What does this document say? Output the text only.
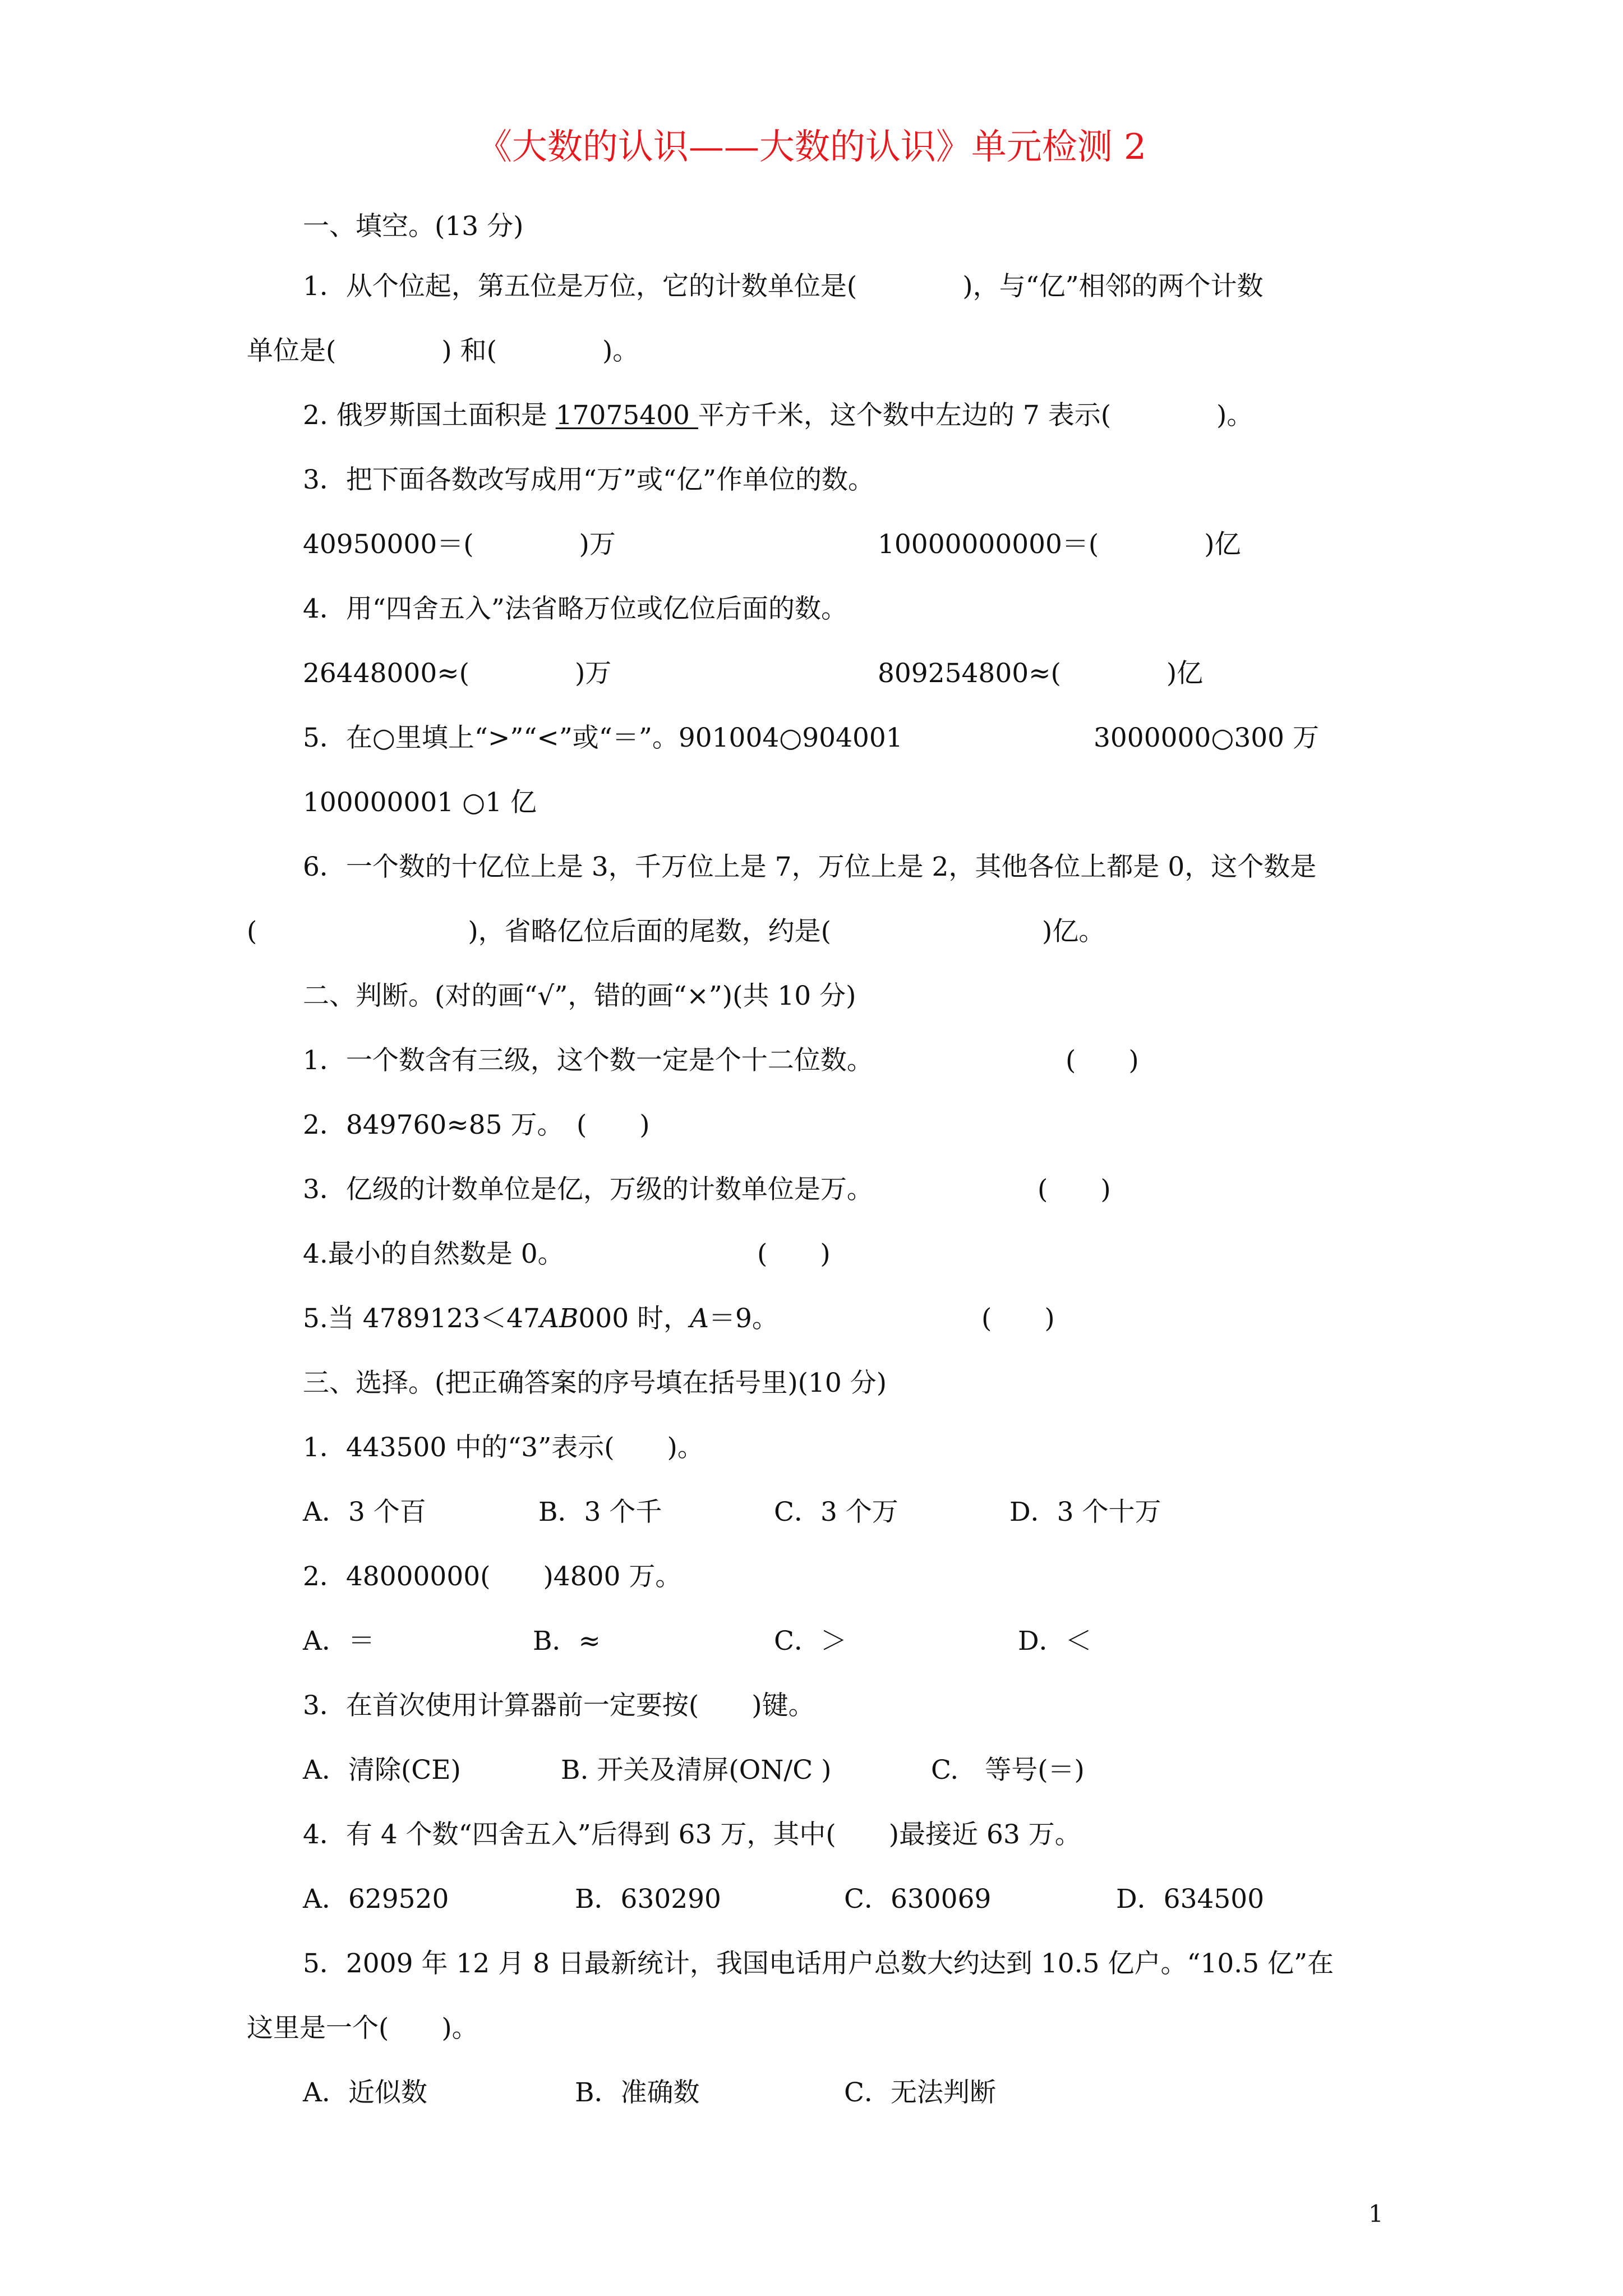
《大数的认识——大数的认识》单元检测 2
一、填空。(13 分)
1．从个位起，第五位是万位，它的计数单位是(　　　　)，与“亿”相邻的两个计数
单位是(　　　　) 和(　　　　)。
2. 俄罗斯国土面积是 17075400 平方千米，这个数中左边的 7 表示(　　　　)。
3．把下面各数改写成用“万”或“亿”作单位的数。
40950000＝(　　　　)万	10000000000＝(　　　　)亿
4．用“四舍五入”法省略万位或亿位后面的数。
26448000≈(　　　　)万	809254800≈(　　　　)亿
5．在○里填上“>”“<”或“＝”。901004○904001	3000000○300 万
100000001 ○1 亿
6．一个数的十亿位上是 3，千万位上是 7，万位上是 2，其他各位上都是 0，这个数是
(　　　　　　　　)，省略亿位后面的尾数，约是(　　　　　　　　)亿。
二、判断。(对的画“√”，错的画“×”)(共 10 分)
1．一个数含有三级，这个数一定是个十二位数。	(　　)
2．849760≈85 万。　(　　)
3．亿级的计数单位是亿，万级的计数单位是万。	(　　)
4.最小的自然数是 0。	(　　)
5.当 4789123＜47AB000 时，A＝9。	(　　)
三、选择。(把正确答案的序号填在括号里)(10 分)
1．443500 中的“3”表示(　　)。
A．3 个百	B．3 个千	C．3 个万	D．3 个十万
2．48000000(　　)4800 万。
A．＝	B．≈	C．＞	D．＜
3．在首次使用计算器前一定要按(　　)键。
A．清除(CE)	B. 开关及清屏(ON/C )	C.　等号(＝)
4．有 4 个数“四舍五入”后得到 63 万，其中(　　)最接近 63 万。
A．629520	B．630290	C．630069	D．634500
5．2009 年 12 月 8 日最新统计，我国电话用户总数大约达到 10.5 亿户。“10.5 亿”在
这里是一个(　　)。
A．近似数	B．准确数	C．无法判断
1
